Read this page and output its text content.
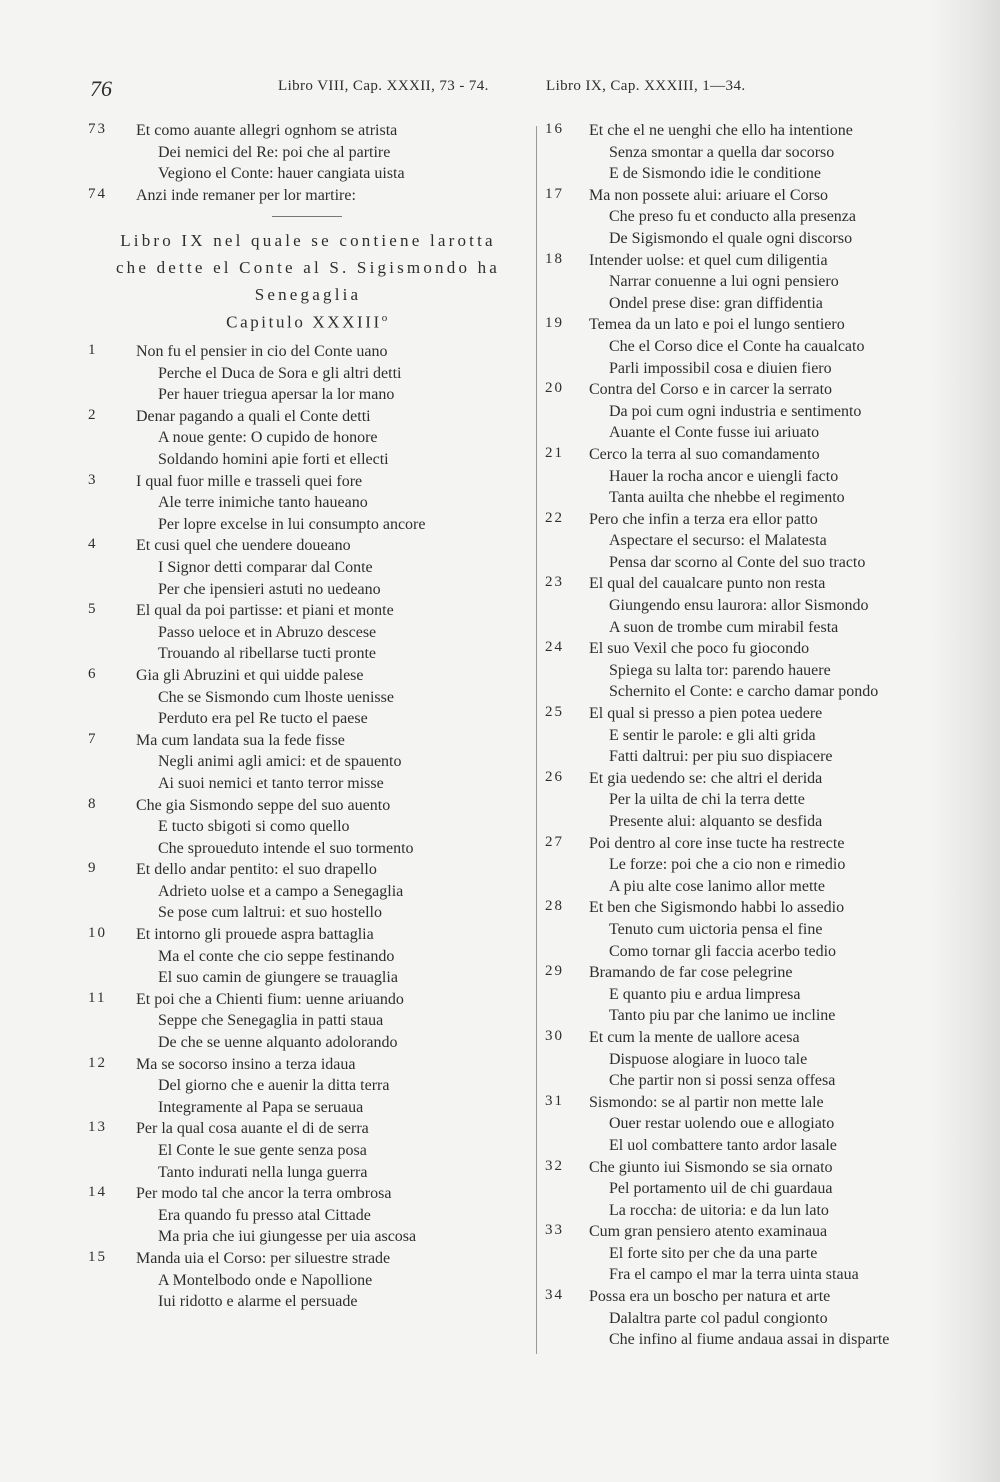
76	Libro VIII, Cap. XXXII, 73 - 74.	Libro IX, Cap. XXXIII, 1—34.
73	Et como auante allegri ognhom se atrista
Dei nemici del Re: poi che al partire
Vegiono el Conte: hauer cangiata uista
74	Anzi inde remaner per lor martire:
Libro IX nel quale se contiene larotta
che dette el Conte al S. Sigismondo ha
Senegaglia
Capitulo XXXIII$^o$
1	Non fu el pensier in cio del Conte uano
Perche el Duca de Sora e gli altri detti
Per hauer triegua apersar la lor mano
2	Denar pagando a quali el Conte detti
A noue gente: O cupido de honore
Soldando homini apie forti et ellecti
3	I qual fuor mille e trasseli quei fore
Ale terre inimiche tanto haueano
Per lopre excelse in lui consumpto ancore
4	Et cusi quel che uendere doueano
I Signor detti comparar dal Conte
Per che ipensieri astuti no uedeano
5	El qual da poi partisse: et piani et monte
Passo ueloce et in Abruzo descese
Trouando al ribellarse tucti pronte
6	Gia gli Abruzini et qui uidde palese
Che se Sismondo cum lhoste uenisse
Perduto era pel Re tucto el paese
7	Ma cum landata sua la fede fisse
Negli animi agli amici: et de spauento
Ai suoi nemici et tanto terror misse
8	Che gia Sismondo seppe del suo auento
E tucto sbigoti si como quello
Che sproueduto intende el suo tormento
9	Et dello andar pentito: el suo drapello
Adrieto uolse et a campo a Senegaglia
Se pose cum laltrui: et suo hostello
10	Et intorno gli prouede aspra battaglia
Ma el conte che cio seppe festinando
El suo camin de giungere se trauaglia
11	Et poi che a Chienti fium: uenne ariuando
Seppe che Senegaglia in patti staua
De che se uenne alquanto adolorando
12	Ma se socorso insino a terza idaua
Del giorno che e auenir la ditta terra
Integramente al Papa se seruaua
13	Per la qual cosa auante el di de serra
El Conte le sue gente senza posa
Tanto indurati nella lunga guerra
14	Per modo tal che ancor la terra ombrosa
Era quando fu presso atal Cittade
Ma pria che iui giungesse per uia ascosa
15	Manda uia el Corso: per siluestre strade
A Montelbodo onde e Napollione
Iui ridotto e alarme el persuade
16	Et che el ne uenghi che ello ha intentione
Senza smontar a quella dar socorso
E de Sismondo idie le conditione
17	Ma non possete alui: ariuare el Corso
Che preso fu et conducto alla presenza
De Sigismondo el quale ogni discorso
18	Intender uolse: et quel cum diligentia
Narrar conuenne a lui ogni pensiero
Ondel prese dise: gran diffidentia
19	Temea da un lato e poi el lungo sentiero
Che el Corso dice el Conte ha caualcato
Parli impossibil cosa e diuien fiero
20	Contra del Corso e in carcer la serrato
Da poi cum ogni industria e sentimento
Auante el Conte fusse iui ariuato
21	Cerco la terra al suo comandamento
Hauer la rocha ancor e uiengli facto
Tanta auilta che nhebbe el regimento
22	Pero che infin a terza era ellor patto
Aspectare el securso: el Malatesta
Pensa dar scorno al Conte del suo tracto
23	El qual del caualcare punto non resta
Giungendo ensu laurora: allor Sismondo
A suon de trombe cum mirabil festa
24	El suo Vexil che poco fu giocondo
Spiega su lalta tor: parendo hauere
Schernito el Conte: e carcho damar pondo
25	El qual si presso a pien potea uedere
E sentir le parole: e gli alti grida
Fatti daltrui: per piu suo dispiacere
26	Et gia uedendo se: che altri el derida
Per la uilta de chi la terra dette
Presente alui: alquanto se desfida
27	Poi dentro al core inse tucte ha restrecte
Le forze: poi che a cio non e rimedio
A piu alte cose lanimo allor mette
28	Et ben che Sigismondo habbi lo assedio
Tenuto cum uictoria pensa el fine
Como tornar gli faccia acerbo tedio
29	Bramando de far cose pelegrine
E quanto piu e ardua limpresa
Tanto piu par che lanimo ue incline
30	Et cum la mente de uallore acesa
Dispuose alogiare in luoco tale
Che partir non si possi senza offesa
31	Sismondo: se al partir non mette lale
Ouer restar uolendo oue e allogiato
El uol combattere tanto ardor lasale
32	Che giunto iui Sismondo se sia ornato
Pel portamento uil de chi guardaua
La roccha: de uitoria: e da lun lato
33	Cum gran pensiero atento examinaua
El forte sito per che da una parte
Fra el campo el mar la terra uinta staua
34	Possa era un boscho per natura et arte
Dalaltra parte col padul congionto
Che infino al fiume andaua assai in disparte
